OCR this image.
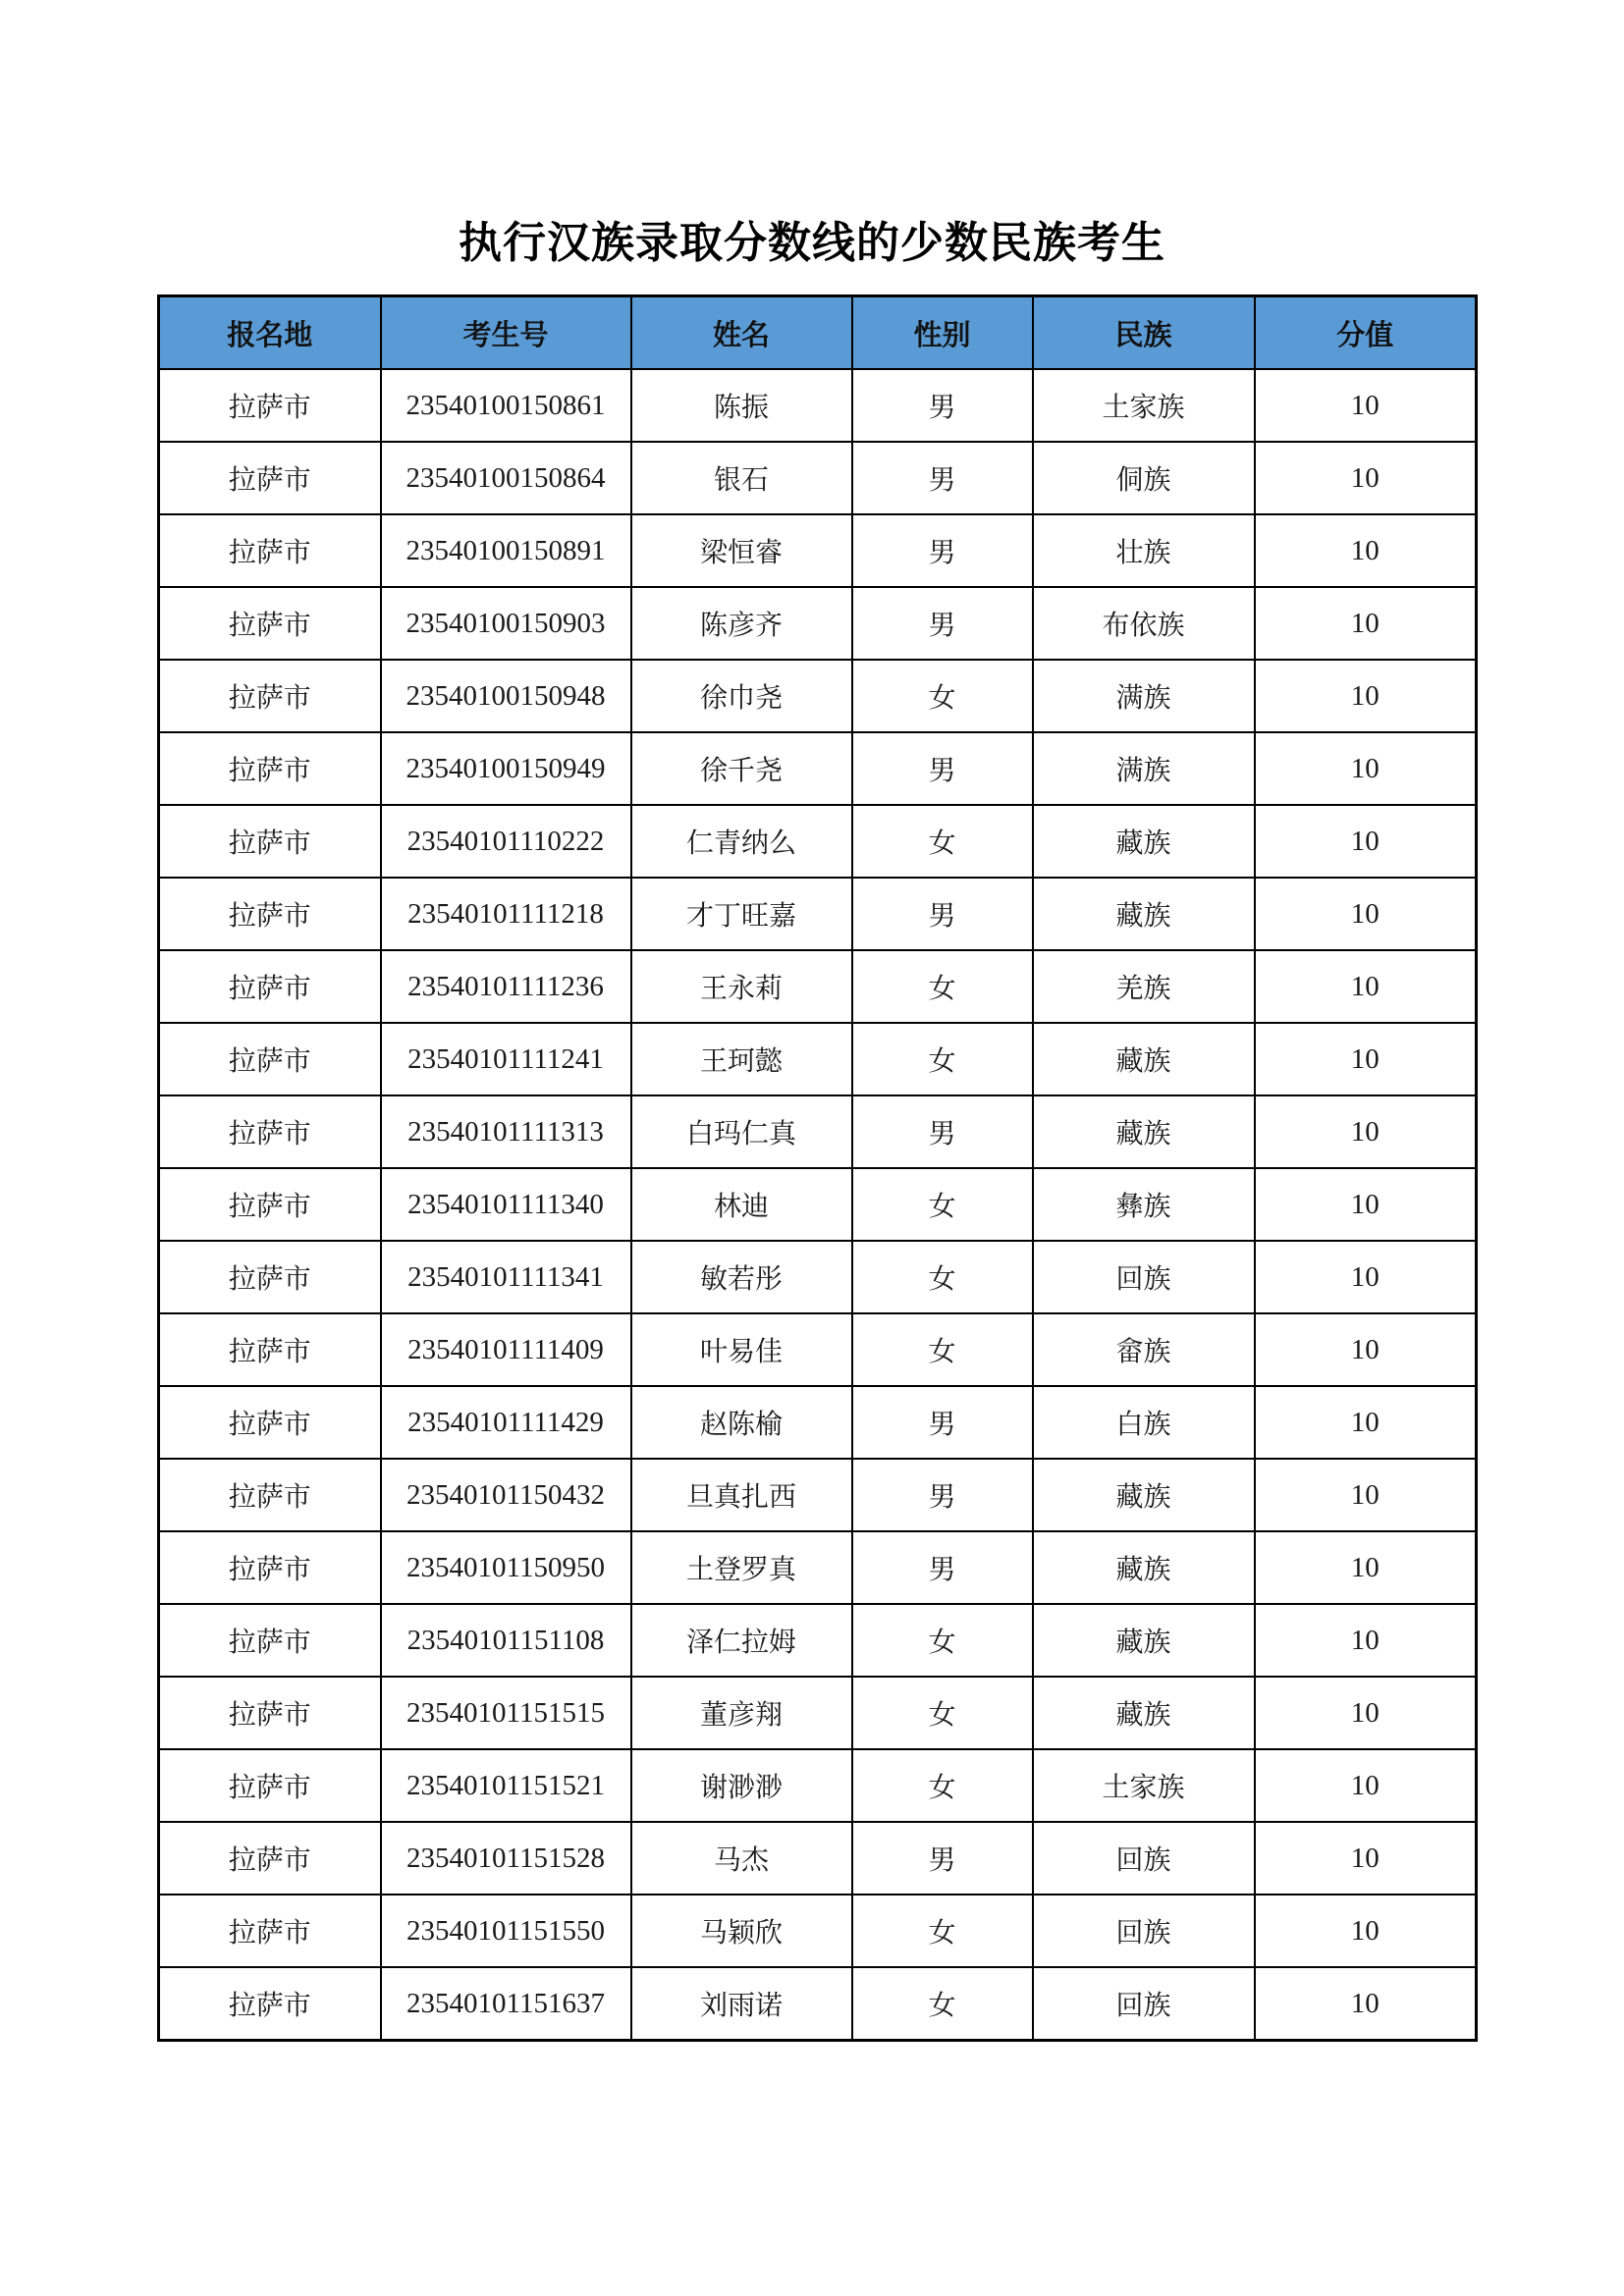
执行汉族录取分数线的少数民族考生
报名地	考生号	姓名	性别	民族	分值
拉萨市	23540100150861	陈振	男	土家族	10
拉萨市	23540100150864	银石	男	侗族	10
拉萨市	23540100150891	梁恒睿	男	壮族	10
拉萨市	23540100150903	陈彦齐	男	布依族	10
拉萨市	23540100150948	徐巾尧	女	满族	10
拉萨市	23540100150949	徐千尧	男	满族	10
拉萨市	23540101110222	仁青纳么	女	藏族	10
拉萨市	23540101111218	才丁旺嘉	男	藏族	10
拉萨市	23540101111236	王永莉	女	羌族	10
拉萨市	23540101111241	王珂懿	女	藏族	10
拉萨市	23540101111313	白玛仁真	男	藏族	10
拉萨市	23540101111340	林迪	女	彝族	10
拉萨市	23540101111341	敏若彤	女	回族	10
拉萨市	23540101111409	叶易佳	女	畲族	10
拉萨市	23540101111429	赵陈榆	男	白族	10
拉萨市	23540101150432	旦真扎西	男	藏族	10
拉萨市	23540101150950	土登罗真	男	藏族	10
拉萨市	23540101151108	泽仁拉姆	女	藏族	10
拉萨市	23540101151515	董彦翔	女	藏族	10
拉萨市	23540101151521	谢渺渺	女	土家族	10
拉萨市	23540101151528	马杰	男	回族	10
拉萨市	23540101151550	马颖欣	女	回族	10
拉萨市	23540101151637	刘雨诺	女	回族	10
